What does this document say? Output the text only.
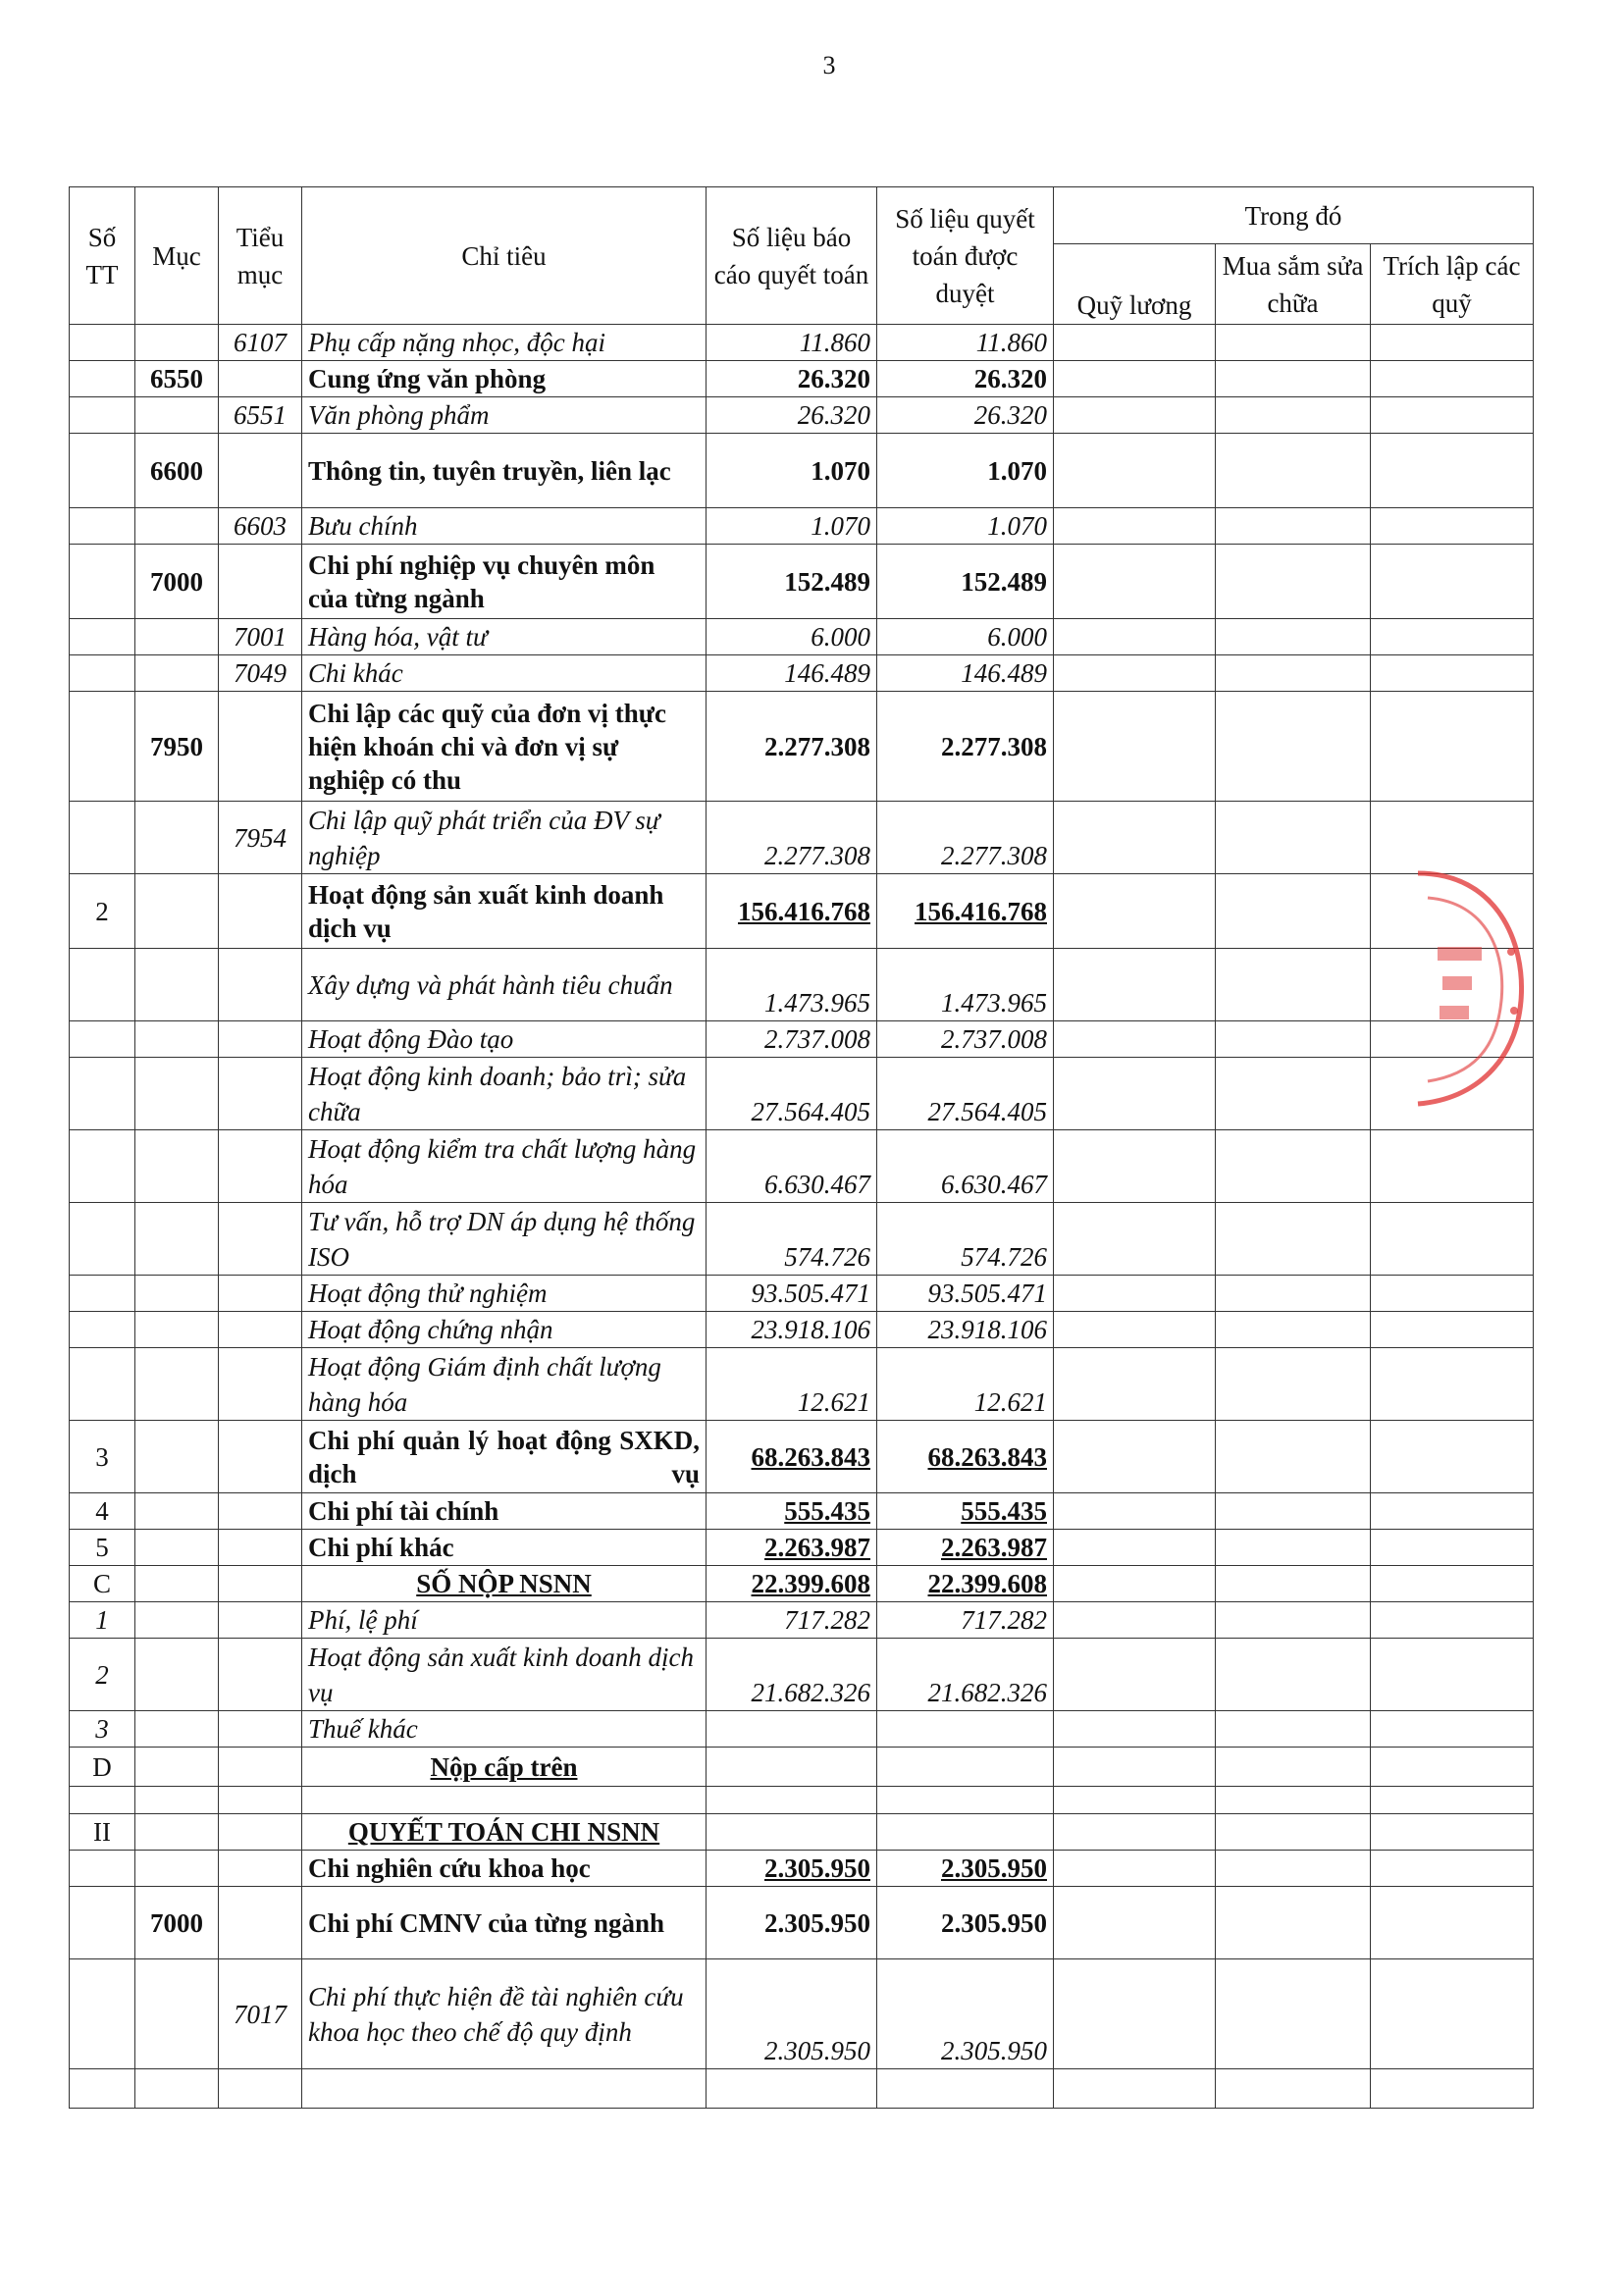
3
Số TT	Mục	Tiểu mục	Chỉ tiêu	Số liệu báo cáo quyết toán	Số liệu quyết toán được duyệt	Trong đó		
						Quỹ lương	Mua sắm sửa chữa	Trích lập các quỹ
		6107	Phụ cấp nặng nhọc, độc hại	11.860	11.860			
	6550		Cung ứng văn phòng	26.320	26.320			
		6551	Văn phòng phẩm	26.320	26.320			
	6600		Thông tin, tuyên truyền, liên lạc	1.070	1.070			
		6603	Bưu chính	1.070	1.070			
	7000		Chi phí nghiệp vụ chuyên môn của từng ngành	152.489	152.489			
		7001	Hàng hóa, vật tư	6.000	6.000			
		7049	Chi khác	146.489	146.489			
	7950		Chi lập các quỹ của đơn vị thực hiện khoán chi và đơn vị sự nghiệp có thu	2.277.308	2.277.308			
		7954	Chi lập quỹ phát triển của ĐV sự nghiệp	2.277.308	2.277.308			
2			Hoạt động sản xuất kinh doanh dịch vụ	156.416.768	156.416.768			
			Xây dựng và phát hành tiêu chuẩn	1.473.965	1.473.965			
			Hoạt động Đào tạo	2.737.008	2.737.008			
			Hoạt động kinh doanh; bảo trì; sửa chữa	27.564.405	27.564.405			
			Hoạt động kiểm tra chất lượng hàng hóa	6.630.467	6.630.467			
			Tư vấn, hỗ trợ DN áp dụng hệ thống ISO	574.726	574.726			
			Hoạt động thử nghiệm	93.505.471	93.505.471			
			Hoạt động chứng nhận	23.918.106	23.918.106			
			Hoạt động Giám định chất lượng hàng hóa	12.621	12.621			
3			Chi phí quản lý hoạt động SXKD, dịch vụ	68.263.843	68.263.843			
4			Chi phí tài chính	555.435	555.435			
5			Chi phí khác	2.263.987	2.263.987			
C			SỐ NỘP NSNN	22.399.608	22.399.608			
1			Phí, lệ phí	717.282	717.282			
2			Hoạt động sản xuất kinh doanh dịch vụ	21.682.326	21.682.326			
3			Thuế khác					
D			Nộp cấp trên					

II			QUYẾT TOÁN CHI NSNN					
			Chi nghiên cứu khoa học	2.305.950	2.305.950			
	7000		Chi phí CMNV của từng ngành	2.305.950	2.305.950			
		7017	Chi phí thực hiện đề tài nghiên cứu khoa học theo chế độ quy định	2.305.950	2.305.950			
